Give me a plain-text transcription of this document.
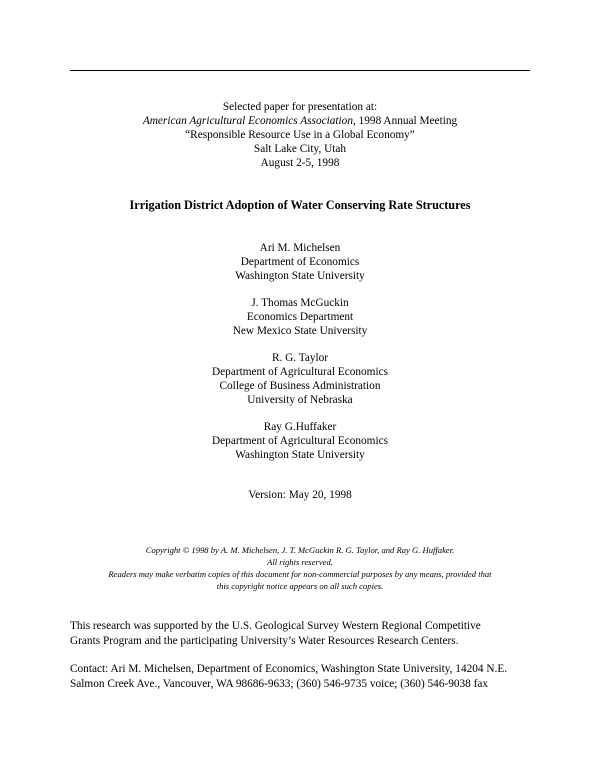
Selected paper for presentation at:
American Agricultural Economics Association, 1998 Annual Meeting
“Responsible Resource Use in a Global Economy”
Salt Lake City, Utah
August 2-5, 1998
Irrigation District Adoption of Water Conserving Rate Structures
Ari M. Michelsen
Department of Economics
Washington State University
J. Thomas McGuckin
Economics Department
New Mexico State University
R. G. Taylor
Department of Agricultural Economics
College of Business Administration
University of Nebraska
Ray G.Huffaker
Department of Agricultural Economics
Washington State University
Version: May 20, 1998
Copyright © 1998 by A. M. Michelsen, J. T. McGuckin R. G. Taylor, and Ray G. Huffaker.
All rights reserved.
Readers may make verbatim copies of this document for non-commercial purposes by any means, provided that
this copyright notice appears on all such copies.
This research was supported by the U.S. Geological Survey Western Regional Competitive
Grants Program and the participating University’s Water Resources Research Centers.
Contact: Ari M. Michelsen, Department of Economics, Washington State University, 14204 N.E.
Salmon Creek Ave., Vancouver, WA 98686-9633; (360) 546-9735 voice; (360) 546-9038 fax
